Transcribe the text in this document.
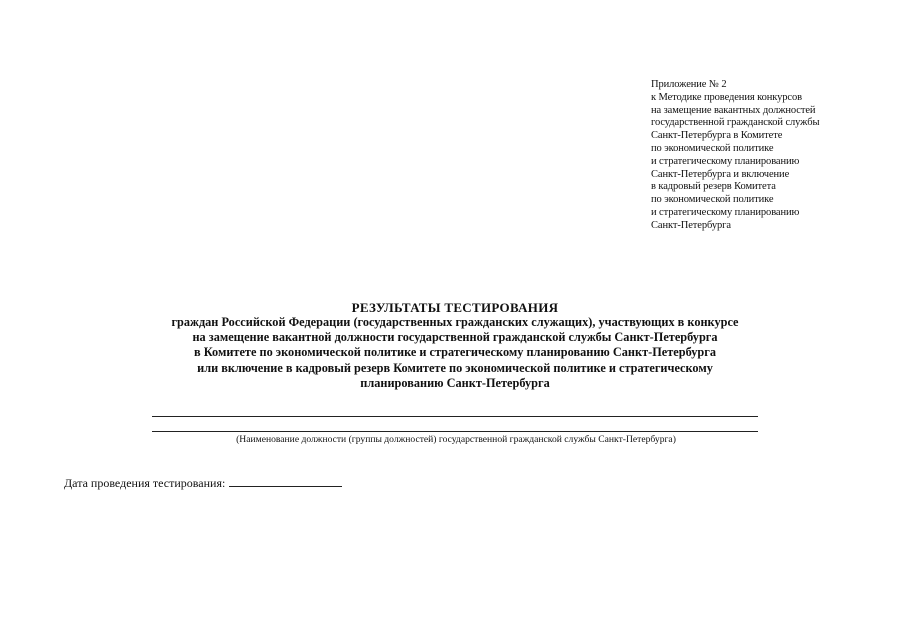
Приложение № 2
к Методике проведения конкурсов
на замещение вакантных должностей
государственной гражданской службы
Санкт-Петербурга в Комитете
по экономической политике
и стратегическому планированию
Санкт-Петербурга и включение
в кадровый резерв Комитета
по экономической политике
и стратегическому планированию
Санкт-Петербурга
РЕЗУЛЬТАТЫ ТЕСТИРОВАНИЯ
граждан Российской Федерации (государственных гражданских служащих), участвующих в конкурсе
на замещение вакантной должности государственной гражданской службы Санкт-Петербурга
в Комитете по экономической политике и стратегическому планированию Санкт-Петербурга
или включение в кадровый резерв Комитете по экономической политике и стратегическому
планированию Санкт-Петербурга
(Наименование должности (группы должностей) государственной гражданской службы Санкт-Петербурга)
Дата проведения тестирования:
